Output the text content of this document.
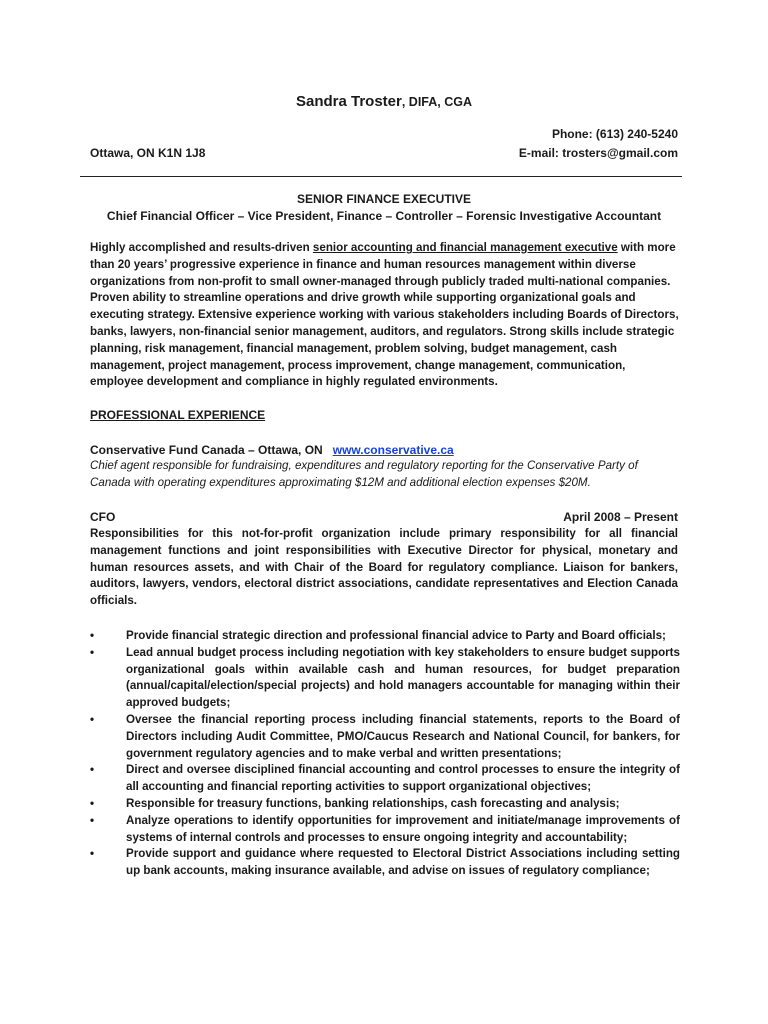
Sandra Troster, DIFA, CGA
Phone: (613) 240-5240
Ottawa, ON K1N 1J8	E-mail: trosters@gmail.com
SENIOR FINANCE EXECUTIVE
Chief Financial Officer – Vice President, Finance – Controller – Forensic Investigative Accountant
Highly accomplished and results-driven senior accounting and financial management executive with more than 20 years’ progressive experience in finance and human resources management within diverse organizations from non-profit to small owner-managed through publicly traded multi-national companies. Proven ability to streamline operations and drive growth while supporting organizational goals and executing strategy. Extensive experience working with various stakeholders including Boards of Directors, banks, lawyers, non-financial senior management, auditors, and regulators. Strong skills include strategic planning, risk management, financial management, problem solving, budget management, cash management, project management, process improvement, change management, communication, employee development and compliance in highly regulated environments.
PROFESSIONAL EXPERIENCE
Conservative Fund Canada – Ottawa, ON www.conservative.ca
Chief agent responsible for fundraising, expenditures and regulatory reporting for the Conservative Party of Canada with operating expenditures approximating $12M and additional election expenses $20M.
CFO	April 2008 – Present
Responsibilities for this not-for-profit organization include primary responsibility for all financial management functions and joint responsibilities with Executive Director for physical, monetary and human resources assets, and with Chair of the Board for regulatory compliance. Liaison for bankers, auditors, lawyers, vendors, electoral district associations, candidate representatives and Election Canada officials.
•	Provide financial strategic direction and professional financial advice to Party and Board officials;
•	Lead annual budget process including negotiation with key stakeholders to ensure budget supports organizational goals within available cash and human resources, for budget preparation (annual/capital/election/special projects) and hold managers accountable for managing within their approved budgets;
•	Oversee the financial reporting process including financial statements, reports to the Board of Directors including Audit Committee, PMO/Caucus Research and National Council, for bankers, for government regulatory agencies and to make verbal and written presentations;
•	Direct and oversee disciplined financial accounting and control processes to ensure the integrity of all accounting and financial reporting activities to support organizational objectives;
•	Responsible for treasury functions, banking relationships, cash forecasting and analysis;
•	Analyze operations to identify opportunities for improvement and initiate/manage improvements of systems of internal controls and processes to ensure ongoing integrity and accountability;
•	Provide support and guidance where requested to Electoral District Associations including setting up bank accounts, making insurance available, and advise on issues of regulatory compliance;
